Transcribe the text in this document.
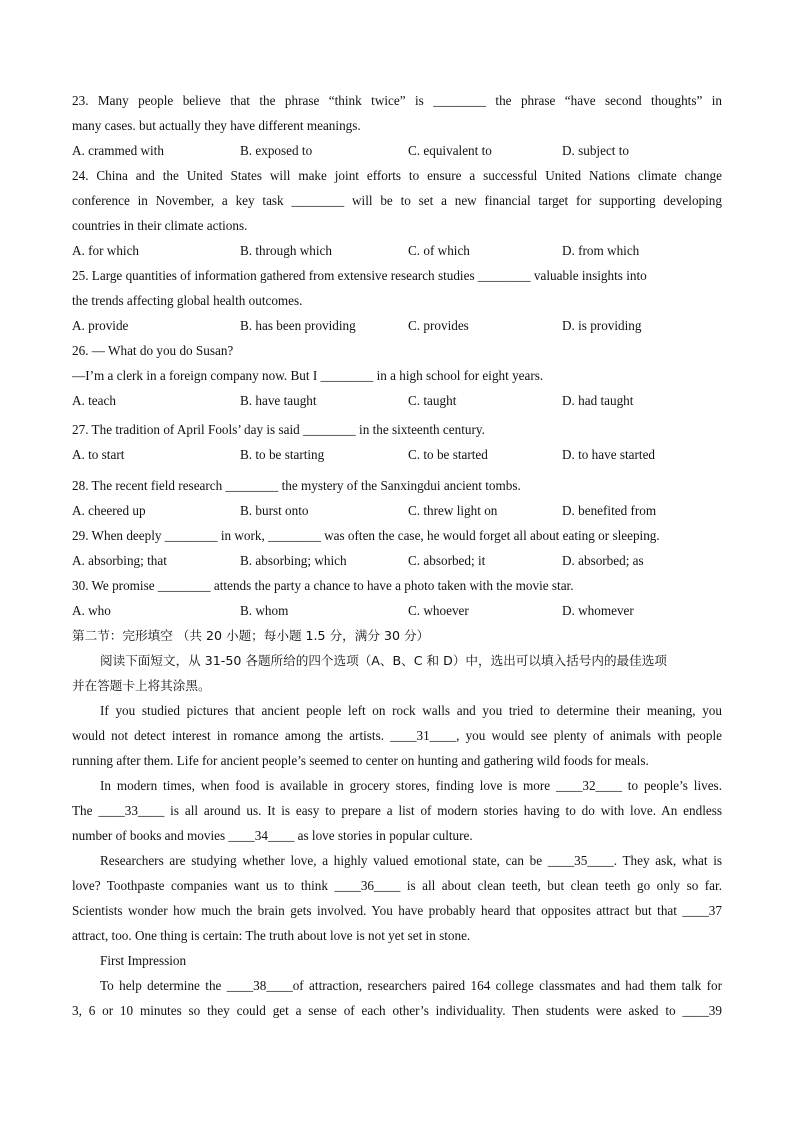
23. Many people believe that the phrase “think twice” is ________ the phrase “have second thoughts” in
many cases. but actually they have different meanings.
A. crammed with	B. exposed to	C. equivalent to	D. subject to
24. China and the United States will make joint efforts to ensure a successful United Nations climate change
conference in November, a key task ________ will be to set a new financial target for supporting developing
countries in their climate actions.
A. for which	B. through which	C. of which	D. from which
25. Large quantities of information gathered from extensive research studies ________ valuable insights into
the trends affecting global health outcomes.
A. provide	B. has been providing	C. provides	D. is providing
26. — What do you do Susan?
—I’m a clerk in a foreign company now. But I ________ in a high school for eight years.
A. teach	B. have taught	C. taught	D. had taught
27. The tradition of April Fools’ day is said ________ in the sixteenth century.
A. to start	B. to be starting	C. to be started	D. to have started
28. The recent field research ________ the mystery of the Sanxingdui ancient tombs.
A. cheered up	B. burst onto	C. threw light on	D. benefited from
29. When deeply ________ in work, ________ was often the case, he would forget all about eating or sleeping.
A. absorbing; that	B. absorbing; which	C. absorbed; it	D. absorbed; as
30. We promise ________ attends the party a chance to have a photo taken with the movie star.
A. who	B. whom	C. whoever	D. whomever
第二节：完形填空 （共 20 小题；每小题 1.5 分，满分 30 分）
阅读下面短文，从 31-50 各题所给的四个选项（A、B、C 和 D）中，选出可以填入括号内的最佳选项
并在答题卡上将其涂黑。
If you studied pictures that ancient people left on rock walls and you tried to determine their meaning, you
would not detect interest in romance among the artists. ____31____, you would see plenty of animals with people
running after them. Life for ancient people’s seemed to center on hunting and gathering wild foods for meals.
In modern times, when food is available in grocery stores, finding love is more ____32____ to people’s lives.
The ____33____ is all around us. It is easy to prepare a list of modern stories having to do with love. An endless
number of books and movies ____34____ as love stories in popular culture.
Researchers are studying whether love, a highly valued emotional state, can be ____35____. They ask, what is
love? Toothpaste companies want us to think ____36____ is all about clean teeth, but clean teeth go only so far.
Scientists wonder how much the brain gets involved. You have probably heard that opposites attract but that ____37
attract, too. One thing is certain: The truth about love is not yet set in stone.
First Impression
To help determine the ____38____of attraction, researchers paired 164 college classmates and had them talk for
3, 6 or 10 minutes so they could get a sense of each other’s individuality. Then students were asked to ____39
